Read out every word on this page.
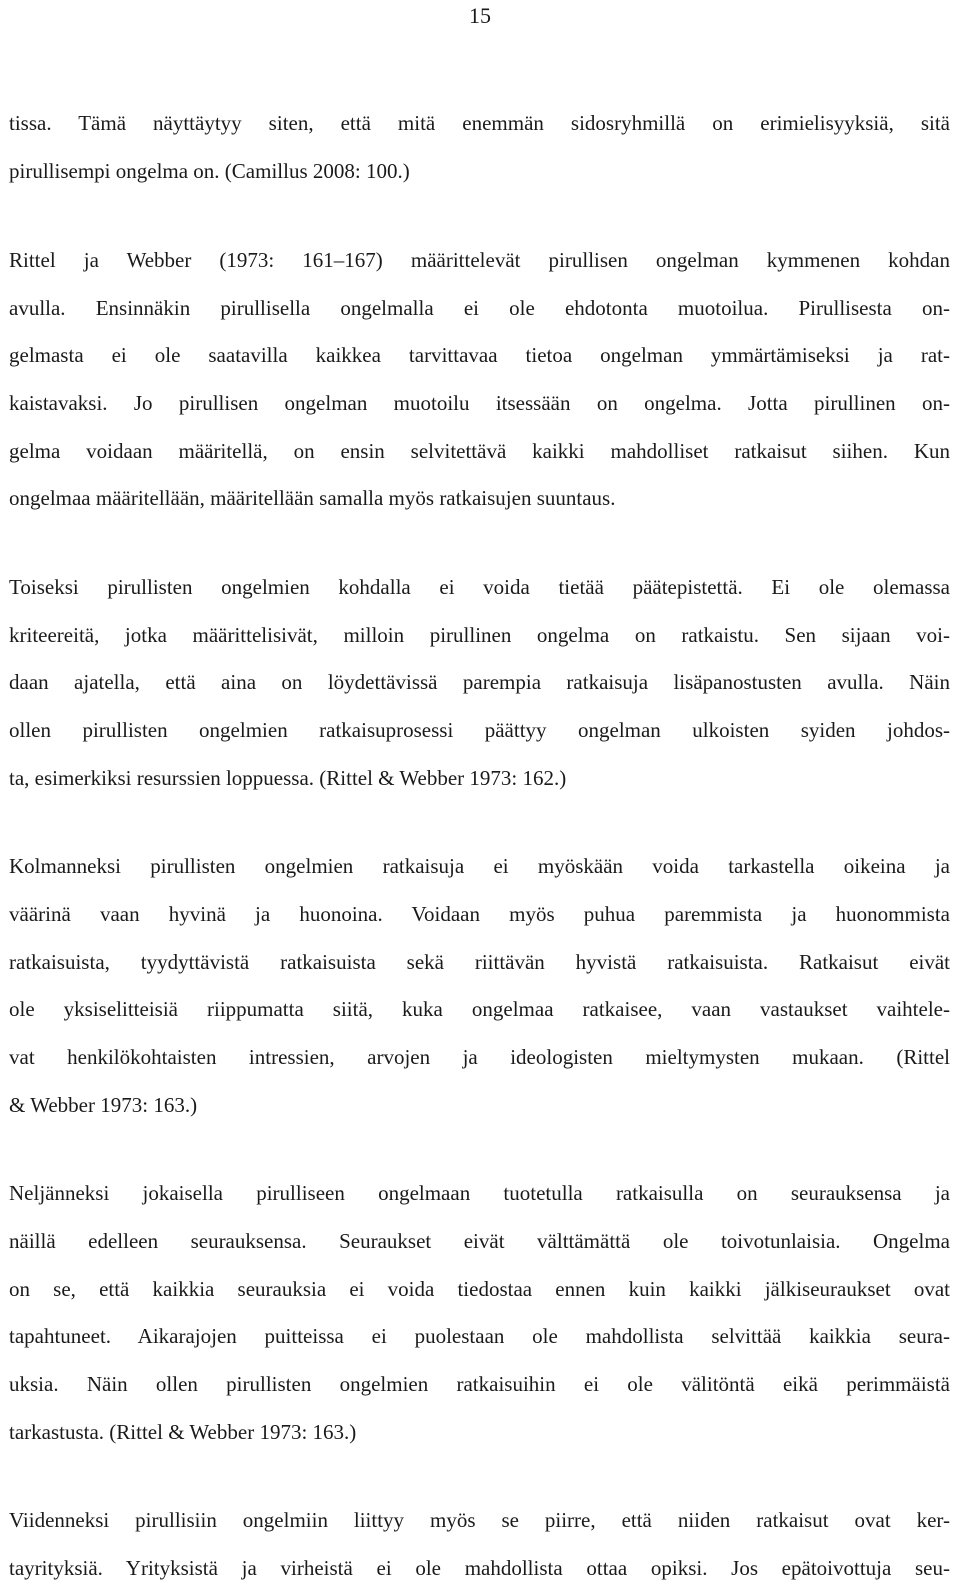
15
tissa. Tämä näyttäytyy siten, että mitä enemmän sidosryhmillä on erimielisyyksiä, sitä
pirullisempi ongelma on. (Camillus 2008: 100.)
Rittel ja Webber (1973: 161–167) määrittelevät pirullisen ongelman kymmenen kohdan
avulla. Ensinnäkin pirullisella ongelmalla ei ole ehdotonta muotoilua. Pirullisesta on-
gelmasta ei ole saatavilla kaikkea tarvittavaa tietoa ongelman ymmärtämiseksi ja rat-
kaistavaksi. Jo pirullisen ongelman muotoilu itsessään on ongelma. Jotta pirullinen on-
gelma voidaan määritellä, on ensin selvitettävä kaikki mahdolliset ratkaisut siihen. Kun
ongelmaa määritellään, määritellään samalla myös ratkaisujen suuntaus.
Toiseksi pirullisten ongelmien kohdalla ei voida tietää päätepistettä. Ei ole olemassa
kriteereitä, jotka määrittelisivät, milloin pirullinen ongelma on ratkaistu. Sen sijaan voi-
daan ajatella, että aina on löydettävissä parempia ratkaisuja lisäpanostusten avulla. Näin
ollen pirullisten ongelmien ratkaisuprosessi päättyy ongelman ulkoisten syiden johdos-
ta, esimerkiksi resurssien loppuessa. (Rittel & Webber 1973: 162.)
Kolmanneksi pirullisten ongelmien ratkaisuja ei myöskään voida tarkastella oikeina ja
väärinä vaan hyvinä ja huonoina. Voidaan myös puhua paremmista ja huonommista
ratkaisuista, tyydyttävistä ratkaisuista sekä riittävän hyvistä ratkaisuista. Ratkaisut eivät
ole yksiselitteisiä riippumatta siitä, kuka ongelmaa ratkaisee, vaan vastaukset vaihtele-
vat henkilökohtaisten intressien, arvojen ja ideologisten mieltymysten mukaan. (Rittel
& Webber 1973: 163.)
Neljänneksi jokaisella pirulliseen ongelmaan tuotetulla ratkaisulla on seurauksensa ja
näillä edelleen seurauksensa. Seuraukset eivät välttämättä ole toivotunlaisia. Ongelma
on se, että kaikkia seurauksia ei voida tiedostaa ennen kuin kaikki jälkiseuraukset ovat
tapahtuneet. Aikarajojen puitteissa ei puolestaan ole mahdollista selvittää kaikkia seura-
uksia. Näin ollen pirullisten ongelmien ratkaisuihin ei ole välitöntä eikä perimmäistä
tarkastusta. (Rittel & Webber 1973: 163.)
Viidenneksi pirullisiin ongelmiin liittyy myös se piirre, että niiden ratkaisut ovat ker-
tayrityksiä. Yrityksistä ja virheistä ei ole mahdollista ottaa opiksi. Jos epätoivottuja seu-
